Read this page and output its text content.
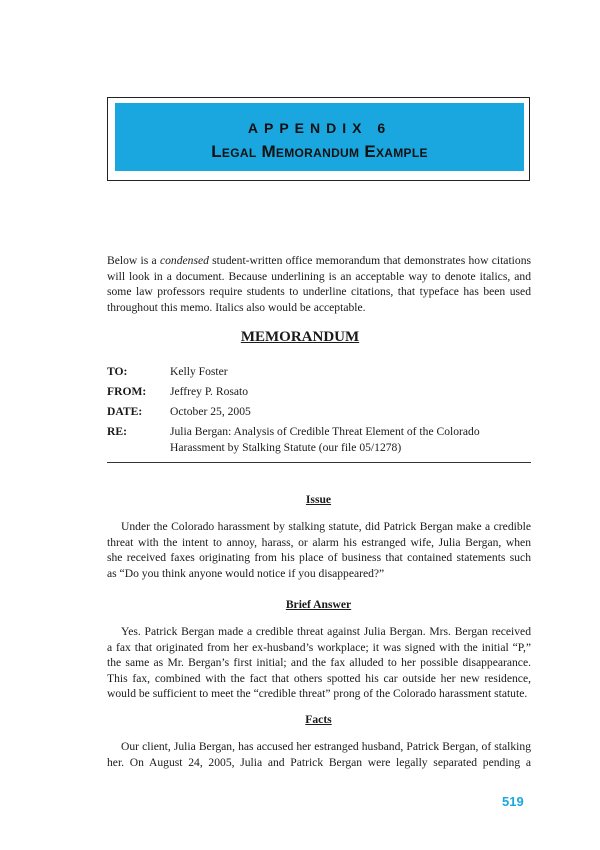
APPENDIX 6
Legal Memorandum Example
Below is a condensed student-written office memorandum that demonstrates how citations will look in a document. Because underlining is an acceptable way to denote italics, and some law professors require students to underline citations, that typeface has been used throughout this memo. Italics also would be acceptable.
MEMORANDUM
TO:	Kelly Foster
FROM: Jeffrey P. Rosato
DATE: October 25, 2005
RE:	Julia Bergan: Analysis of Credible Threat Element of the Colorado
Harassment by Stalking Statute (our file 05/1278)
Issue
Under the Colorado harassment by stalking statute, did Patrick Bergan make a credible
threat with the intent to annoy, harass, or alarm his estranged wife, Julia Bergan, when
she received faxes originating from his place of business that contained statements such
as “Do you think anyone would notice if you disappeared?”
Brief Answer
Yes. Patrick Bergan made a credible threat against Julia Bergan. Mrs. Bergan received
a fax that originated from her ex-husband’s workplace; it was signed with the initial “P,”
the same as Mr. Bergan’s first initial; and the fax alluded to her possible disappearance.
This fax, combined with the fact that others spotted his car outside her new residence,
would be sufficient to meet the “credible threat” prong of the Colorado harassment statute.
Facts
Our client, Julia Bergan, has accused her estranged husband, Patrick Bergan, of stalking
her. On August 24, 2005, Julia and Patrick Bergan were legally separated pending a
519
